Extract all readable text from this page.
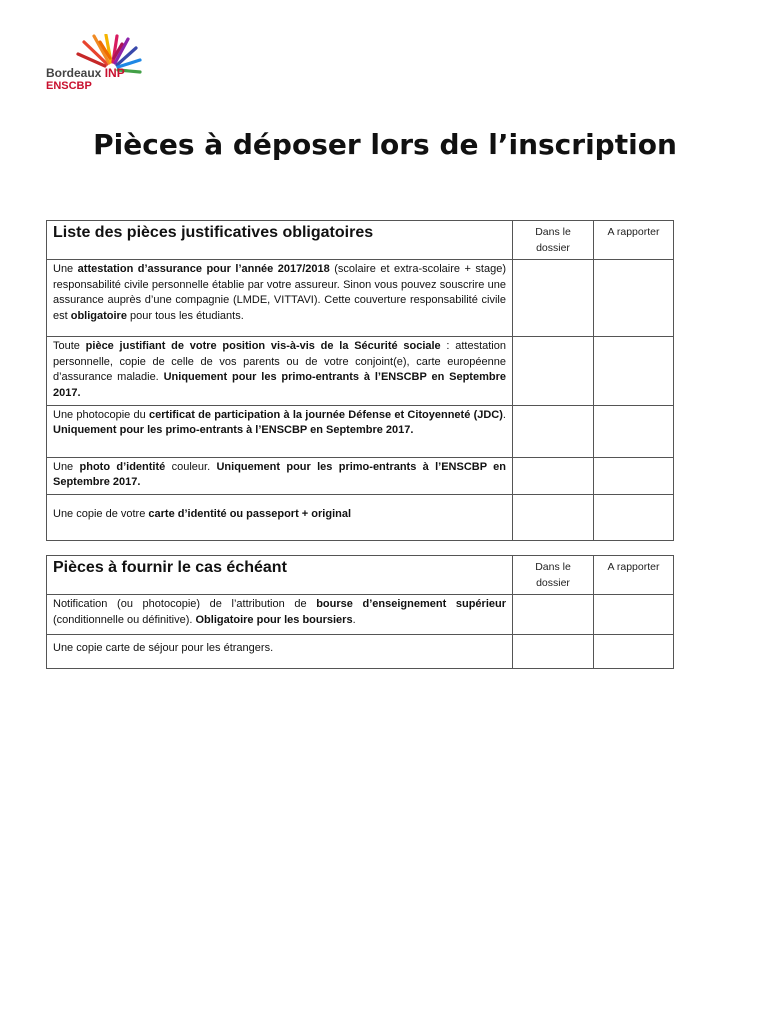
Bordeaux INP
ENSCBP
Pièces à déposer lors de l’inscription
Liste des pièces justificatives obligatoires	Dans le dossier	A rapporter
Une attestation d’assurance pour l’année 2017/2018 (scolaire et extra-scolaire + stage) responsabilité civile personnelle établie par votre assureur. Sinon vous pouvez souscrire une assurance auprès d’une compagnie (LMDE, VITTAVI). Cette couverture responsabilité civile est obligatoire pour tous les étudiants.		
Toute pièce justifiant de votre position vis-à-vis de la Sécurité sociale : attestation personnelle, copie de celle de vos parents ou de votre conjoint(e), carte européenne d’assurance maladie. Uniquement pour les primo-entrants à l’ENSCBP en Septembre 2017.		
Une photocopie du certificat de participation à la journée Défense et Citoyenneté (JDC). Uniquement pour les primo-entrants à l’ENSCBP en Septembre 2017.		
Une photo d’identité couleur. Uniquement pour les primo-entrants à l’ENSCBP en Septembre 2017.		
Une copie de votre carte d’identité ou passeport + original		
Pièces à fournir le cas échéant	Dans le dossier	A rapporter
Notification (ou photocopie) de l’attribution de bourse d’enseignement supérieur (conditionnelle ou définitive). Obligatoire pour les boursiers.		
Une copie carte de séjour pour les étrangers.		
